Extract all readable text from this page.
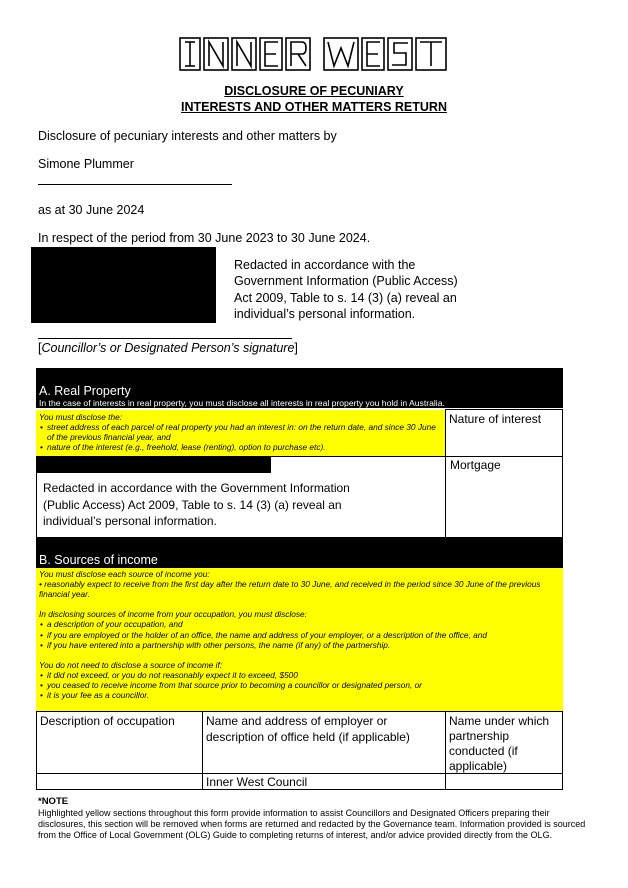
INNER WEST
DISCLOSURE OF PECUNIARY
INTERESTS AND OTHER MATTERS RETURN
Disclosure of pecuniary interests and other matters by
Simone Plummer
as at 30 June 2024
In respect of the period from 30 June 2023 to 30 June 2024.
Redacted in accordance with the Government Information (Public Access) Act 2009, Table to s. 14 (3) (a) reveal an individual’s personal information.
[Councillor’s or Designated Person’s signature]
A. Real Property
In the case of interests in real property, you must disclose all interests in real property you hold in Australia.
You must disclose the:
• street address of each parcel of real property you had an interest in: on the return date, and since 30 June of the previous financial year, and
• nature of the interest (e.g., freehold, lease (renting), option to purchase etc).
Nature of interest
Redacted in accordance with the Government Information (Public Access) Act 2009, Table to s. 14 (3) (a) reveal an individual’s personal information.
Mortgage
B. Sources of income
You must disclose each source of income you:
• reasonably expect to receive from the first day after the return date to 30 June, and received in the period since 30 June of the previous financial year.
In disclosing sources of income from your occupation, you must disclose:
• a description of your occupation, and
• if you are employed or the holder of an office, the name and address of your employer, or a description of the office, and
• if you have entered into a partnership with other persons, the name (if any) of the partnership.
You do not need to disclose a source of income if:
• it did not exceed, or you do not reasonably expect it to exceed, $500
• you ceased to receive income from that source prior to becoming a councillor or designated person, or
• it is your fee as a councillor.
Description of occupation	Name and address of employer or description of office held (if applicable)
Name under which partnership conducted (if applicable)
Inner West Council
*NOTE
Highlighted yellow sections throughout this form provide information to assist Councillors and Designated Officers preparing their disclosures, this section will be removed when forms are returned and redacted by the Governance team. Information provided is sourced from the Office of Local Government (OLG) Guide to completing returns of interest, and/or advice provided directly from the OLG.
